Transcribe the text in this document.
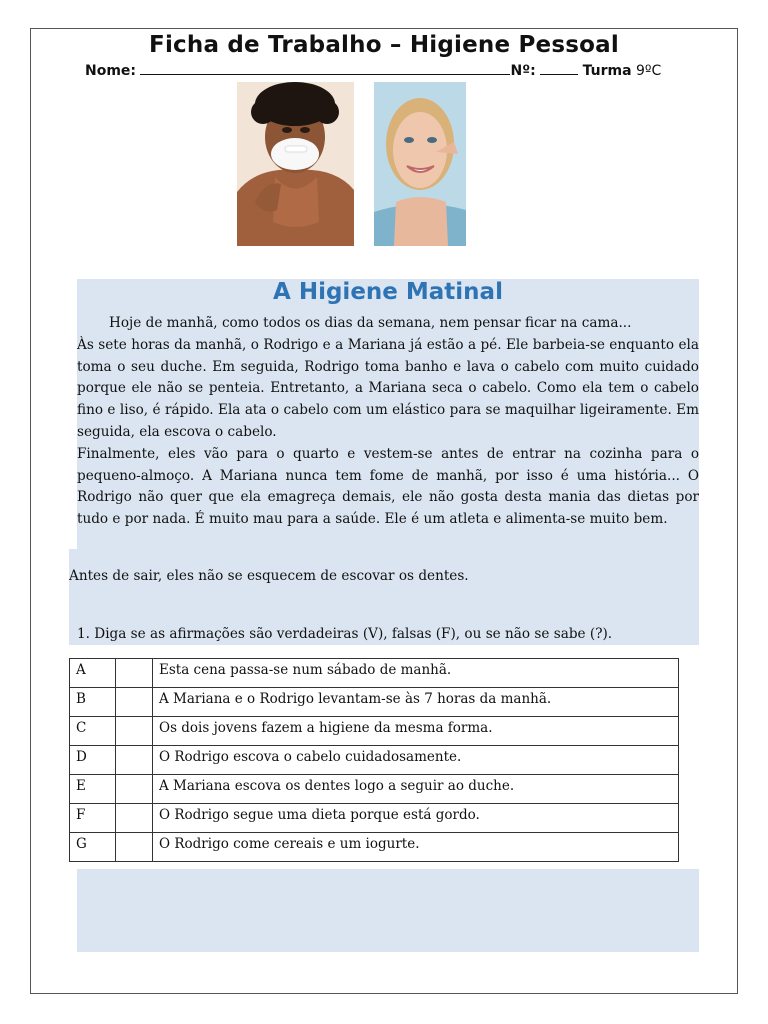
Ficha de Trabalho – Higiene Pessoal
Nome:	Nº:	Turma 9ºC
A Higiene Matinal

Hoje de manhã, como todos os dias da semana, nem pensar ficar na cama...

Às sete horas da manhã, o Rodrigo e a Mariana já estão a pé. Ele barbeia-se enquanto ela toma o seu duche. Em seguida, Rodrigo toma banho e lava o cabelo com muito cuidado porque ele não se penteia. Entretanto, a Mariana seca o cabelo. Como ela tem o cabelo fino e liso, é rápido. Ela ata o cabelo com um elástico para se maquilhar ligeiramente. Em seguida, ela escova o cabelo.

Finalmente, eles vão para o quarto e vestem-se antes de entrar na cozinha para o pequeno-almoço. A Mariana nunca tem fome de manhã, por isso é uma história... O Rodrigo não quer que ela emagreça demais, ele não gosta desta mania das dietas por tudo e por nada. É muito mau para a saúde. Ele é um atleta e alimenta-se muito bem.

Antes de sair, eles não se esquecem de escovar os dentes.
1. Diga se as afirmações são verdadeiras (V), falsas (F), ou se não se sabe (?).
A		Esta cena passa-se num sábado de manhã.
B		A Mariana e o Rodrigo levantam-se às 7 horas da manhã.
C		Os dois jovens fazem a higiene da mesma forma.
D		O Rodrigo escova o cabelo cuidadosamente.
E		A Mariana escova os dentes logo a seguir ao duche.
F		O Rodrigo segue uma dieta porque está gordo.
G		O Rodrigo come cereais e um iogurte.
